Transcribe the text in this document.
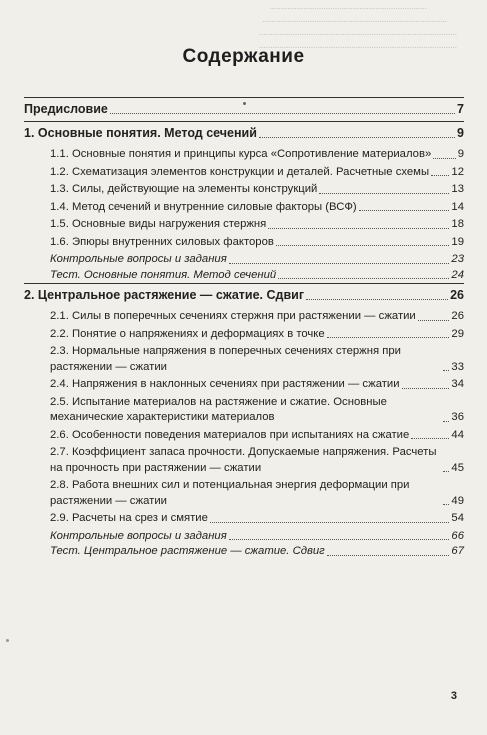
......................................................................
..................................................................................
........................................................................................
........................................................................................
Содержание
Предисловие	7
1. Основные понятия. Метод сечений	9
1.1. Основные понятия и принципы курса «Сопротивление материалов» 9
1.2. Схематизация элементов конструкции и деталей. Расчетные схемы 12
1.3. Силы, действующие на элементы конструкций	13
1.4. Метод сечений и внутренние силовые факторы (ВСФ)	14
1.5. Основные виды нагружения стержня	18
1.6. Эпюры внутренних силовых факторов	19
Контрольные вопросы и задания	23
Тест. Основные понятия. Метод сечений	24
2. Центральное растяжение — сжатие. Сдвиг	26
2.1. Силы в поперечных сечениях стержня при растяжении — сжатии	26
2.2. Понятие о напряжениях и деформациях в точке	29
2.3. Нормальные напряжения в поперечных сечениях стержня при растяжении — сжатии	33
2.4. Напряжения в наклонных сечениях при растяжении — сжатии	34
2.5. Испытание материалов на растяжение и сжатие. Основные механические характеристики материалов	36
2.6. Особенности поведения материалов при испытаниях на сжатие	44
2.7. Коэффициент запаса прочности. Допускаемые напряжения. Расчеты на прочность при растяжении — сжатии	45
2.8. Работа внешних сил и потенциальная энергия деформации при растяжении — сжатии	49
2.9. Расчеты на срез и смятие	54
Контрольные вопросы и задания	66
Тест. Центральное растяжение — сжатие. Сдвиг	67
3
